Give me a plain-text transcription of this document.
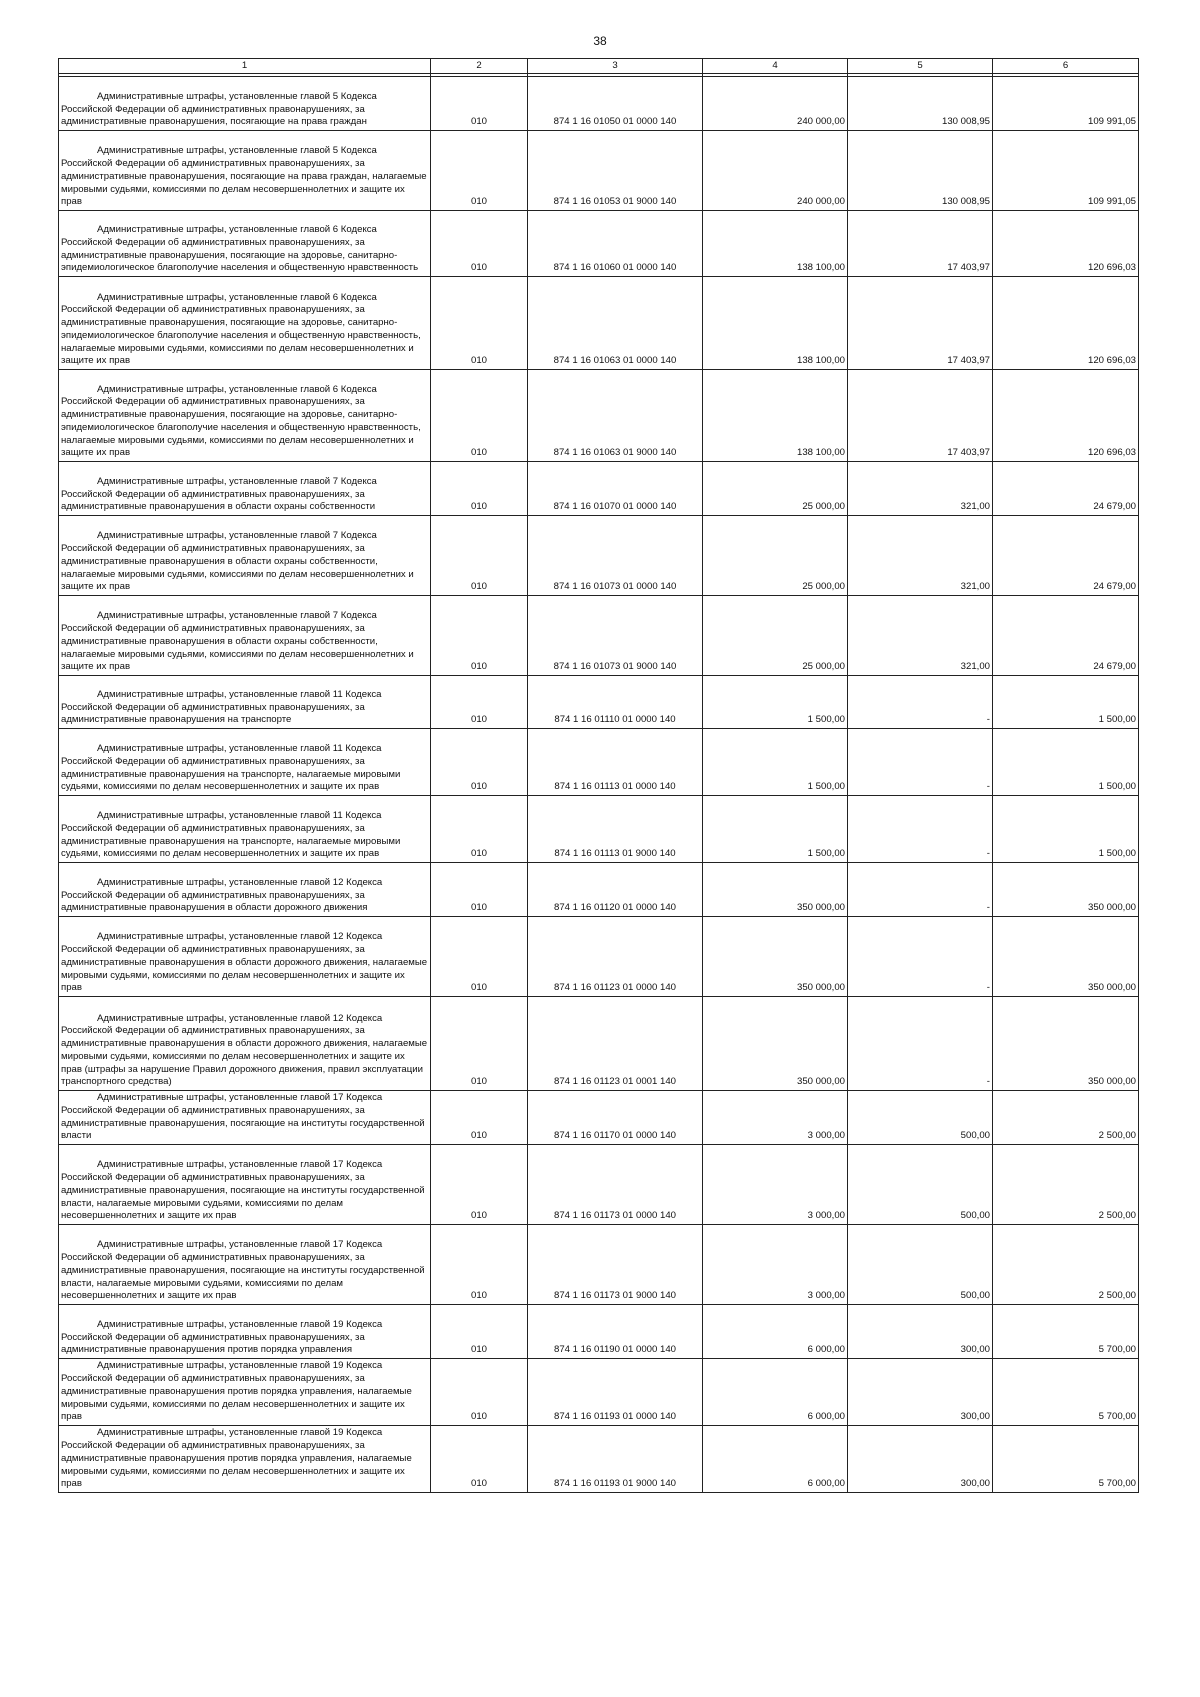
38
1	2	3	4	5	6

Административные штрафы, установленные главой 5 Кодекса Российской Федерации об административных правонарушениях, за административные правонарушения, посягающие на права граждан	010	874 1 16 01050 01 0000 140	240 000,00	130 008,95	109 991,05

Административные штрафы, установленные главой 5 Кодекса Российской Федерации об административных правонарушениях, за административные правонарушения, посягающие на права граждан, налагаемые мировыми судьями, комиссиями по делам несовершеннолетних и защите их прав	010	874 1 16 01053 01 9000 140	240 000,00	130 008,95	109 991,05

Административные штрафы, установленные главой 6 Кодекса Российской Федерации об административных правонарушениях, за административные правонарушения, посягающие на здоровье, санитарно-эпидемиологическое благополучие населения и общественную нравственность	010	874 1 16 01060 01 0000 140	138 100,00	17 403,97	120 696,03

Административные штрафы, установленные главой 6 Кодекса Российской Федерации об административных правонарушениях, за административные правонарушения, посягающие на здоровье, санитарно-эпидемиологическое благополучие населения и общественную нравственность, налагаемые мировыми судьями, комиссиями по делам несовершеннолетних и защите их прав	010	874 1 16 01063 01 0000 140	138 100,00	17 403,97	120 696,03

Административные штрафы, установленные главой 6 Кодекса Российской Федерации об административных правонарушениях, за административные правонарушения, посягающие на здоровье, санитарно-эпидемиологическое благополучие населения и общественную нравственность, налагаемые мировыми судьями, комиссиями по делам несовершеннолетних и защите их прав	010	874 1 16 01063 01 9000 140	138 100,00	17 403,97	120 696,03

Административные штрафы, установленные главой 7 Кодекса Российской Федерации об административных правонарушениях, за административные правонарушения в области охраны собственности	010	874 1 16 01070 01 0000 140	25 000,00	321,00	24 679,00

Административные штрафы, установленные главой 7 Кодекса Российской Федерации об административных правонарушениях, за административные правонарушения в области охраны собственности, налагаемые мировыми судьями, комиссиями по делам несовершеннолетних и защите их прав	010	874 1 16 01073 01 0000 140	25 000,00	321,00	24 679,00

Административные штрафы, установленные главой 7 Кодекса Российской Федерации об административных правонарушениях, за административные правонарушения в области охраны собственности, налагаемые мировыми судьями, комиссиями по делам несовершеннолетних и защите их прав	010	874 1 16 01073 01 9000 140	25 000,00	321,00	24 679,00

Административные штрафы, установленные главой 11 Кодекса Российской Федерации об административных правонарушениях, за административные правонарушения на транспорте	010	874 1 16 01110 01 0000 140	1 500,00	-	1 500,00

Административные штрафы, установленные главой 11 Кодекса Российской Федерации об административных правонарушениях, за административные правонарушения на транспорте, налагаемые мировыми судьями, комиссиями по делам несовершеннолетних и защите их прав	010	874 1 16 01113 01 0000 140	1 500,00	-	1 500,00

Административные штрафы, установленные главой 11 Кодекса Российской Федерации об административных правонарушениях, за административные правонарушения на транспорте, налагаемые мировыми судьями, комиссиями по делам несовершеннолетних и защите их прав	010	874 1 16 01113 01 9000 140	1 500,00	-	1 500,00

Административные штрафы, установленные главой 12 Кодекса Российской Федерации об административных правонарушениях, за административные правонарушения в области дорожного движения	010	874 1 16 01120 01 0000 140	350 000,00	-	350 000,00

Административные штрафы, установленные главой 12 Кодекса Российской Федерации об административных правонарушениях, за административные правонарушения в области дорожного движения, налагаемые мировыми судьями, комиссиями по делам несовершеннолетних и защите их прав	010	874 1 16 01123 01 0000 140	350 000,00	-	350 000,00

Административные штрафы, установленные главой 12 Кодекса Российской Федерации об административных правонарушениях, за административные правонарушения в области дорожного движения, налагаемые мировыми судьями, комиссиями по делам несовершеннолетних и защите их прав (штрафы за нарушение Правил дорожного движения, правил эксплуатации транспортного средства)	010	874 1 16 01123 01 0001 140	350 000,00	-	350 000,00

Административные штрафы, установленные главой 17 Кодекса Российской Федерации об административных правонарушениях, за административные правонарушения, посягающие на институты государственной власти	010	874 1 16 01170 01 0000 140	3 000,00	500,00	2 500,00

Административные штрафы, установленные главой 17 Кодекса Российской Федерации об административных правонарушениях, за административные правонарушения, посягающие на институты государственной власти, налагаемые мировыми судьями, комиссиями по делам несовершеннолетних и защите их прав	010	874 1 16 01173 01 0000 140	3 000,00	500,00	2 500,00

Административные штрафы, установленные главой 17 Кодекса Российской Федерации об административных правонарушениях, за административные правонарушения, посягающие на институты государственной власти, налагаемые мировыми судьями, комиссиями по делам несовершеннолетних и защите их прав	010	874 1 16 01173 01 9000 140	3 000,00	500,00	2 500,00

Административные штрафы, установленные главой 19 Кодекса Российской Федерации об административных правонарушениях, за административные правонарушения против порядка управления	010	874 1 16 01190 01 0000 140	6 000,00	300,00	5 700,00

Административные штрафы, установленные главой 19 Кодекса Российской Федерации об административных правонарушениях, за административные правонарушения против порядка управления, налагаемые мировыми судьями, комиссиями по делам несовершеннолетних и защите их прав	010	874 1 16 01193 01 0000 140	6 000,00	300,00	5 700,00

Административные штрафы, установленные главой 19 Кодекса Российской Федерации об административных правонарушениях, за административные правонарушения против порядка управления, налагаемые мировыми судьями, комиссиями по делам несовершеннолетних и защите их прав	010	874 1 16 01193 01 9000 140	6 000,00	300,00	5 700,00
